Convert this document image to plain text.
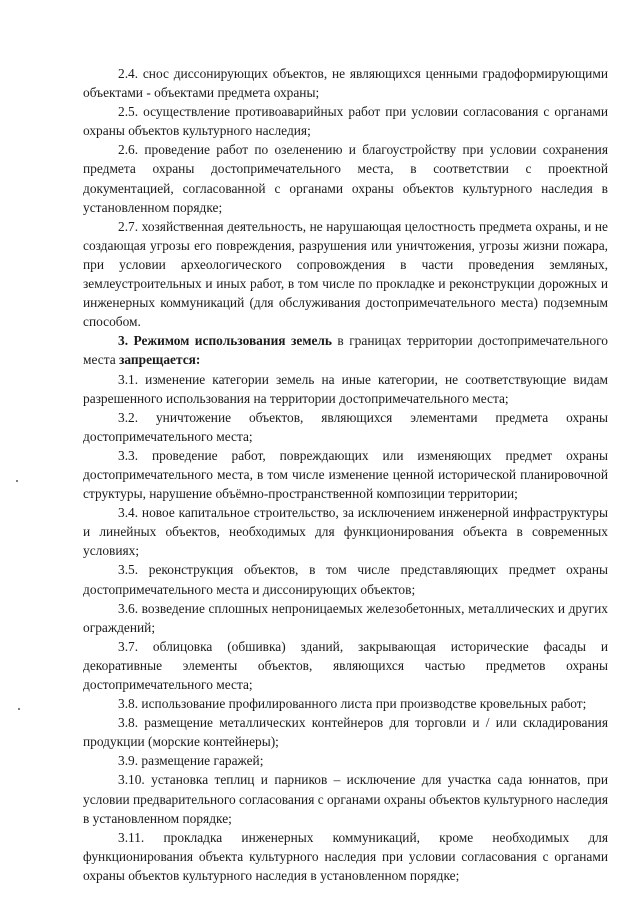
2.4. снос диссонирующих объектов, не являющихся ценными градоформирующими объектами - объектами предмета охраны;

2.5. осуществление противоаварийных работ при условии согласования с органами охраны объектов культурного наследия;

2.6. проведение работ по озеленению и благоустройству при условии сохранения предмета охраны достопримечательного места, в соответствии с проектной документацией, согласованной с органами охраны объектов культурного наследия в установленном порядке;

2.7. хозяйственная деятельность, не нарушающая целостность предмета охраны, и не создающая угрозы его повреждения, разрушения или уничтожения, угрозы жизни пожара, при условии археологического сопровождения в части проведения земляных, землеустроительных и иных работ, в том числе по прокладке и реконструкции дорожных и инженерных коммуникаций (для обслуживания достопримечательного места) подземным способом.

3. Режимом использования земель в границах территории достопримечательного места запрещается:

3.1. изменение категории земель на иные категории, не соответствующие видам разрешенного использования на территории достопримечательного места;

3.2. уничтожение объектов, являющихся элементами предмета охраны достопримечательного места;

3.3. проведение работ, повреждающих или изменяющих предмет охраны достопримечательного места, в том числе изменение ценной исторической планировочной структуры, нарушение объёмно-пространственной композиции территории;

3.4. новое капитальное строительство, за исключением инженерной инфраструктуры и линейных объектов, необходимых для функционирования объекта в современных условиях;

3.5. реконструкция объектов, в том числе представляющих предмет охраны достопримечательного места и диссонирующих объектов;

3.6. возведение сплошных непроницаемых железобетонных, металлических и других ограждений;

3.7. облицовка (обшивка) зданий, закрывающая исторические фасады и декоративные элементы объектов, являющихся частью предметов охраны достопримечательного места;

3.8. использование профилированного листа при производстве кровельных работ;

3.8. размещение металлических контейнеров для торговли и / или складирования продукции (морские контейнеры);

3.9. размещение гаражей;

3.10. установка теплиц и парников – исключение для участка сада юннатов, при условии предварительного согласования с органами охраны объектов культурного наследия в установленном порядке;

3.11. прокладка инженерных коммуникаций, кроме необходимых для функционирования объекта культурного наследия при условии согласования с органами охраны объектов культурного наследия в установленном порядке;
